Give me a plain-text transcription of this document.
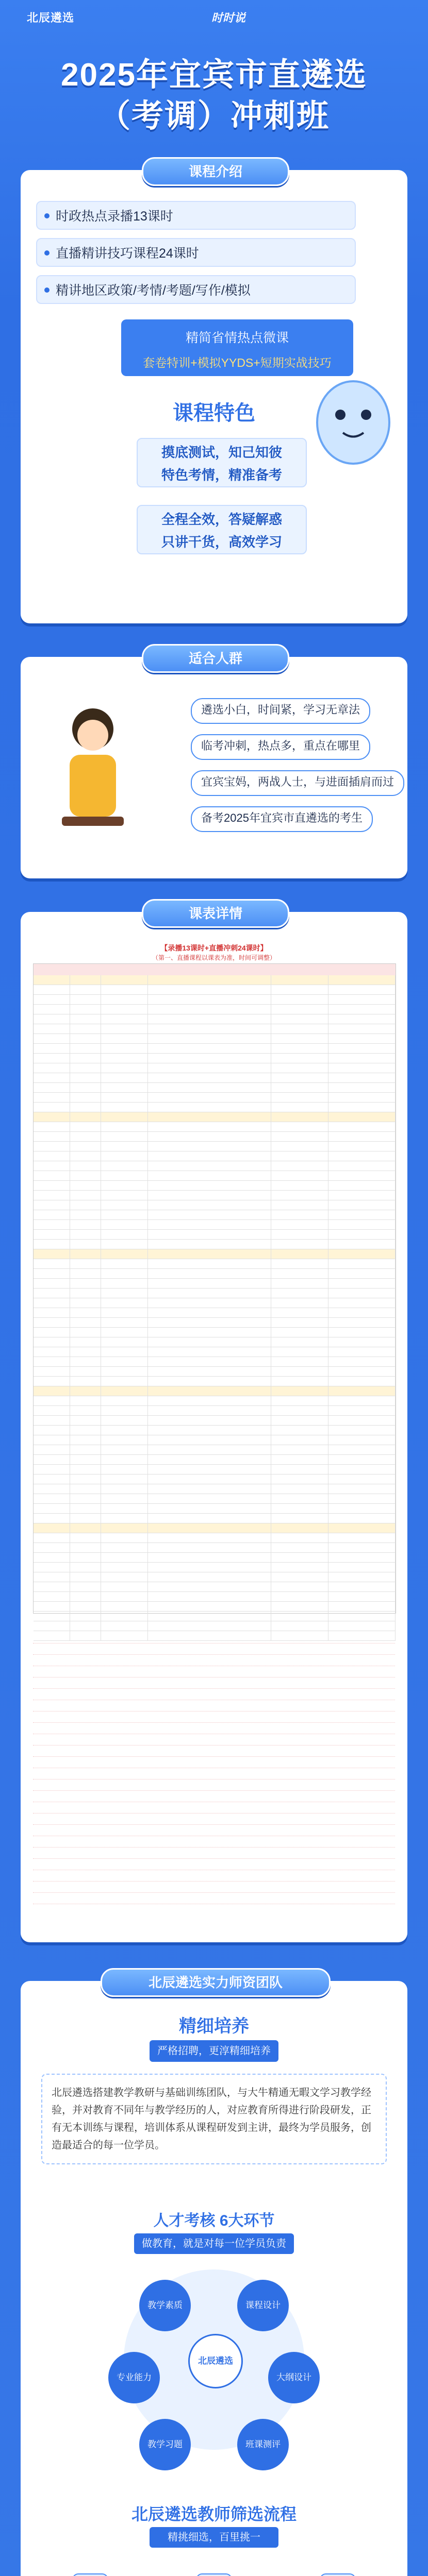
北辰遴选	时时说
2025年宜宾市直遴选
（考调）冲刺班
时政热点录播13课时
直播精讲技巧课程24课时
精讲地区政策/考情/考题/写作/模拟
精简省情热点微课
套卷特训+模拟YYDS+短期实战技巧
课程特色
摸底测试，知己知彼
特色考情，精准备考
全程全效，答疑解惑
只讲干货，高效学习
课程介绍
遴选小白，时间紧，学习无章法
临考冲刺，热点多，重点在哪里
宜宾宝妈，两战人士，与进面插肩而过
备考2025年宜宾市直遴选的考生
适合人群
【录播13课时+直播冲刺24课时】
（第一、直播课程以课表为准，时间可调整）
课表详情
精细培养
严格招聘，更淳精细培养
北辰遴选搭建教学教研与基础训练团队，与大牛精通无暇文学习教学经验，并对教育不同年与教学经历的人，对应教育所得进行阶段研发，正有无本训练与课程，培训体系从课程研发到主讲，最终为学员服务，创造最适合的每一位学员。
人才考核 6大环节
做教育，就是对每一位学员负责
北辰遴选
教学素质	课程设计
专业能力	大纲设计
教学习题	班课测评
北辰遴选教师筛选流程
精挑细选，百里挑一
北辰遴选实力师资团队
